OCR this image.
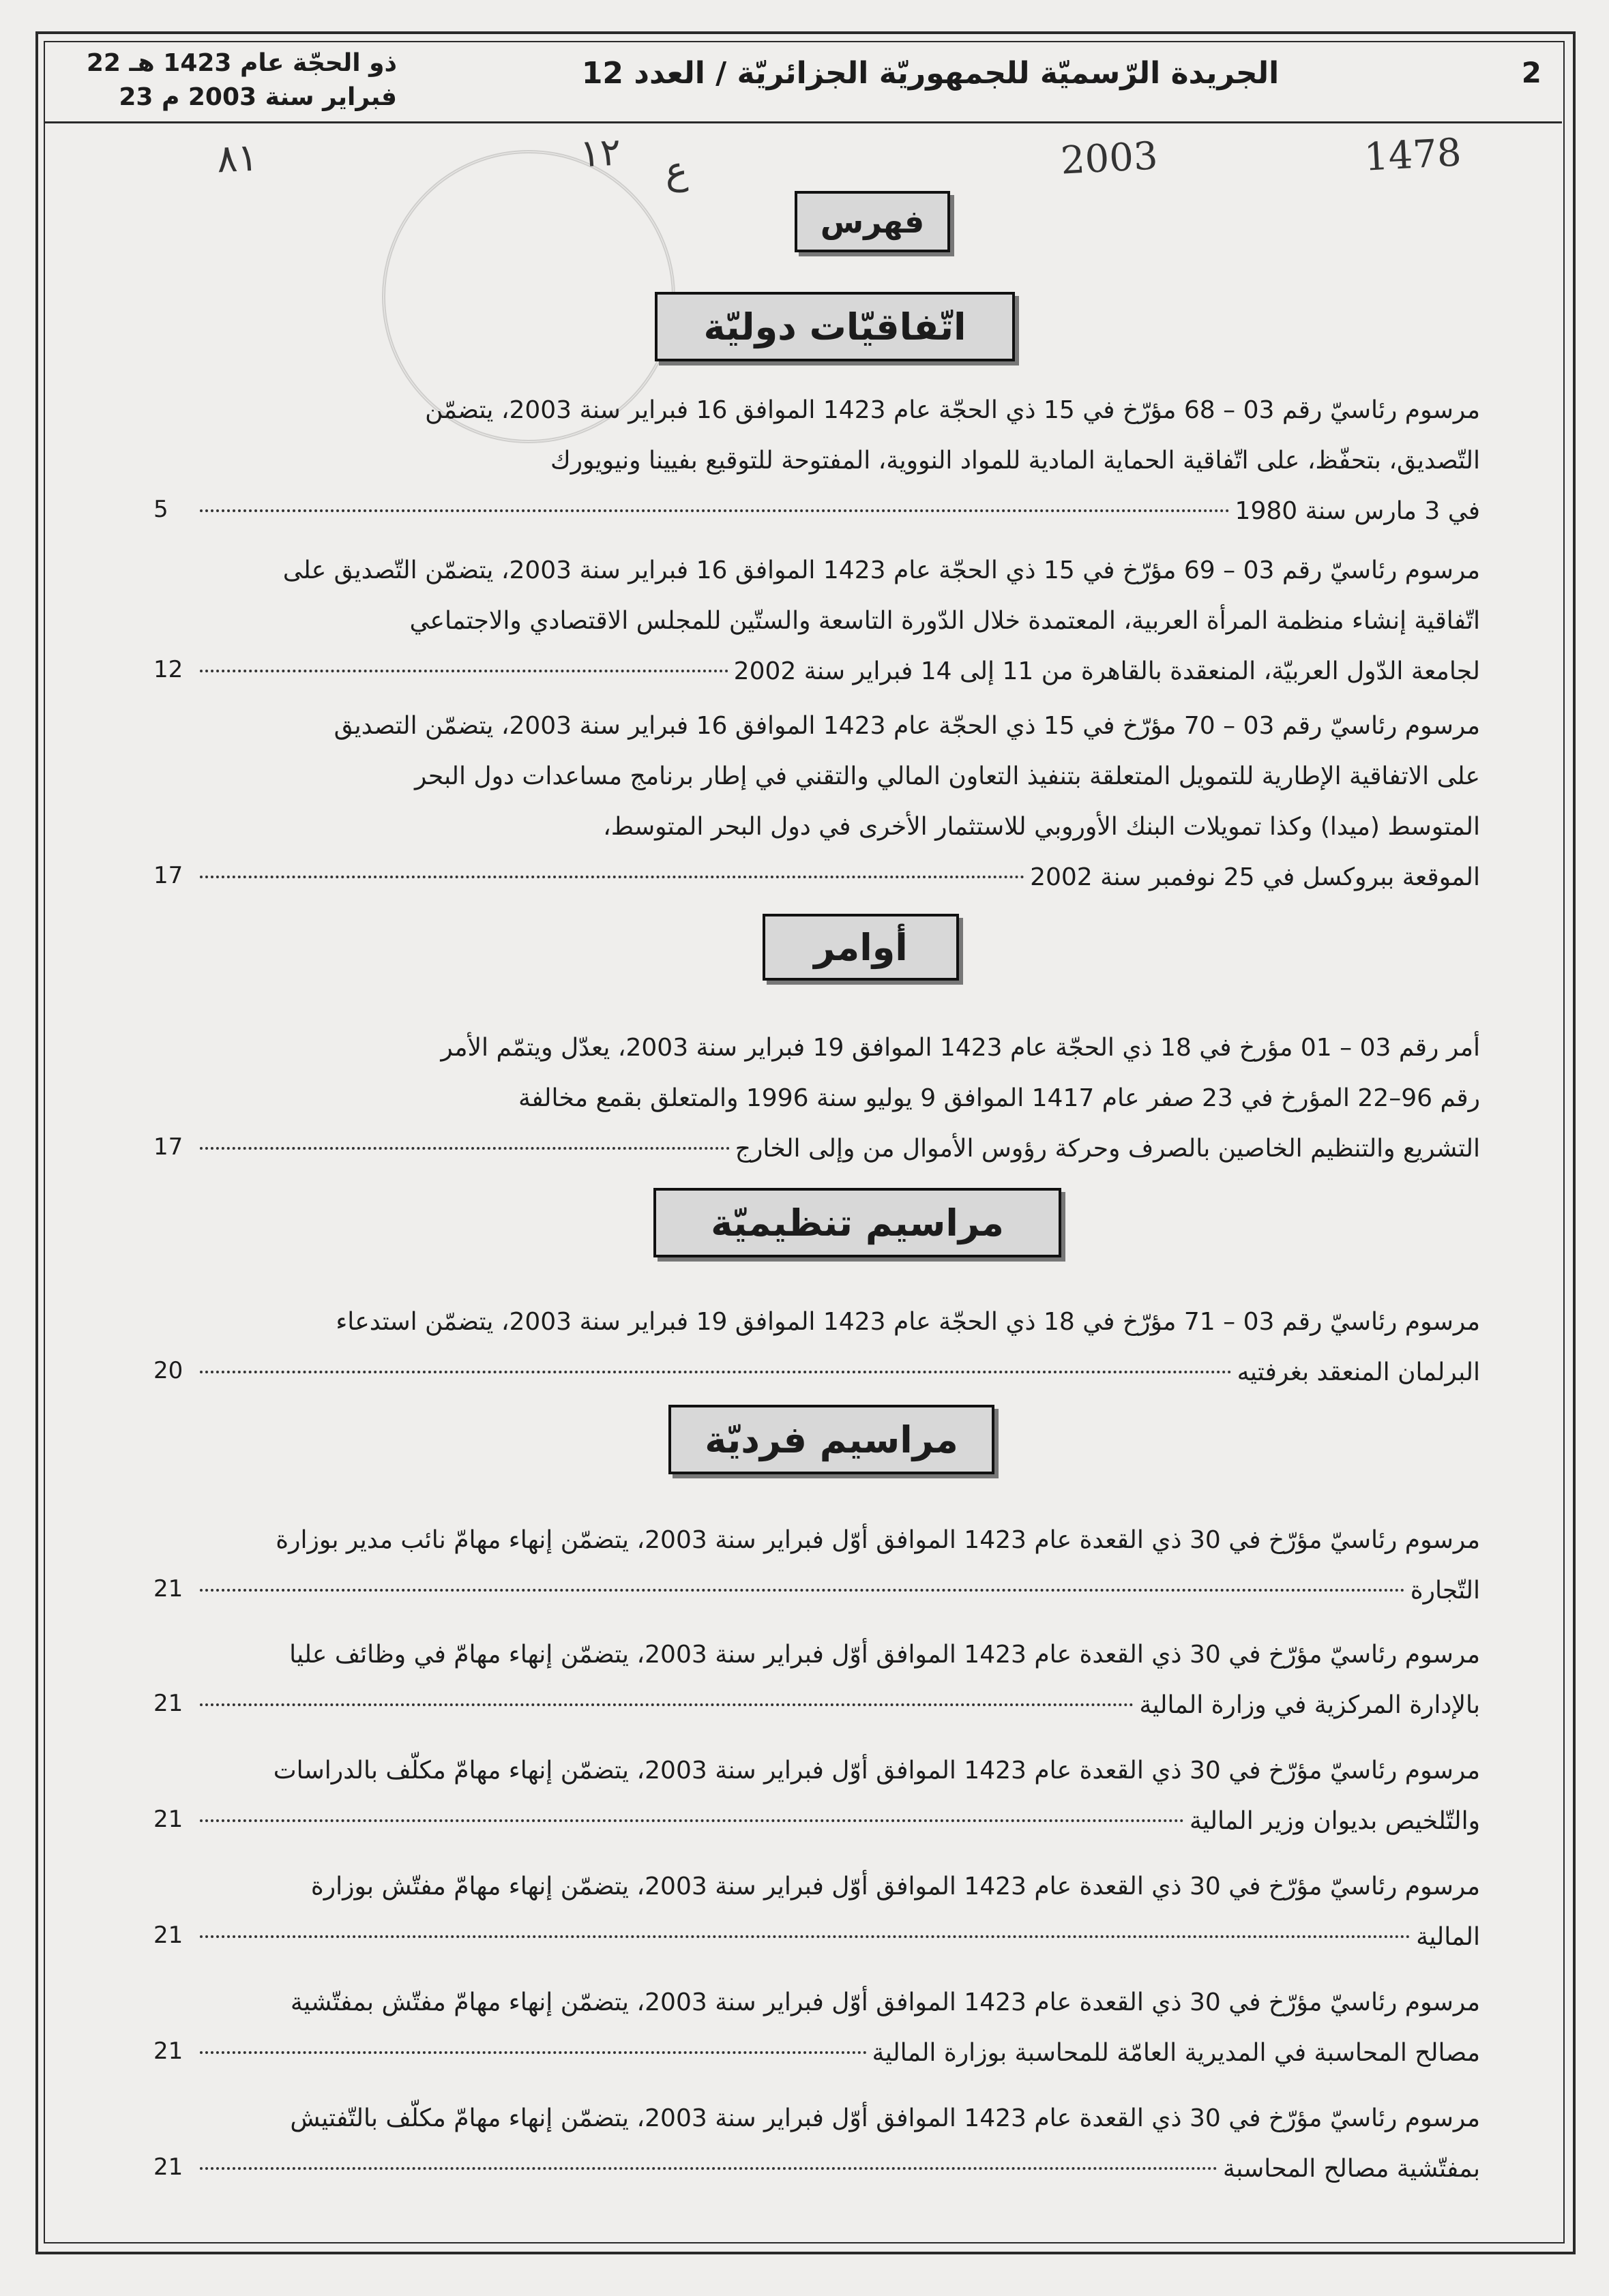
22 ذو الحجّة عام 1423 هـ
23 فبراير سنة 2003 م
الجريدة الرّسميّة للجمهوريّة الجزائريّة / العدد 12	2
٨١	١٢ ع	2003	1478
فهرس
اتّفاقيّات دوليّة

مرسوم رئاسيّ رقم 03 – 68 مؤرّخ في 15 ذي الحجّة عام 1423 الموافق 16 فبراير سنة 2003، يتضمّن

التّصديق، بتحفّظ، على اتّفاقية الحماية المادية للمواد النووية، المفتوحة للتوقيع بفيينا ونيويورك

في 3 مارس سنة 1980
5

مرسوم رئاسيّ رقم 03 – 69 مؤرّخ في 15 ذي الحجّة عام 1423 الموافق 16 فبراير سنة 2003، يتضمّن التّصديق على

اتّفاقية إنشاء منظمة المرأة العربية، المعتمدة خلال الدّورة التاسعة والستّين للمجلس الاقتصادي والاجتماعي

لجامعة الدّول العربيّة، المنعقدة بالقاهرة من 11 إلى 14 فبراير سنة 2002
12

مرسوم رئاسيّ رقم 03 – 70 مؤرّخ في 15 ذي الحجّة عام 1423 الموافق 16 فبراير سنة 2003، يتضمّن التصديق

على الاتفاقية الإطارية للتمويل المتعلقة بتنفيذ التعاون المالي والتقني في إطار برنامج مساعدات دول البحر

المتوسط (ميدا) وكذا تمويلات البنك الأوروبي للاستثمار الأخرى في دول البحر المتوسط،

الموقعة ببروكسل في 25 نوفمبر سنة 2002
17
أوامر

أمر رقم 03 – 01 مؤرخ في 18 ذي الحجّة عام 1423 الموافق 19 فبراير سنة 2003، يعدّل ويتمّم الأمر

رقم 96–22 المؤرخ في 23 صفر عام 1417 الموافق 9 يوليو سنة 1996 والمتعلق بقمع مخالفة

التشريع والتنظيم الخاصين بالصرف وحركة رؤوس الأموال من وإلى الخارج
17
مراسيم تنظيميّة

مرسوم رئاسيّ رقم 03 – 71 مؤرّخ في 18 ذي الحجّة عام 1423 الموافق 19 فبراير سنة 2003، يتضمّن استدعاء

البرلمان المنعقد بغرفتيه
20
مراسيم فرديّة

مرسوم رئاسيّ مؤرّخ في 30 ذي القعدة عام 1423 الموافق أوّل فبراير سنة 2003، يتضمّن إنهاء مهامّ نائب مدير بوزارة

التّجارة
21

مرسوم رئاسيّ مؤرّخ في 30 ذي القعدة عام 1423 الموافق أوّل فبراير سنة 2003، يتضمّن إنهاء مهامّ في وظائف عليا

بالإدارة المركزية في وزارة المالية
21

مرسوم رئاسيّ مؤرّخ في 30 ذي القعدة عام 1423 الموافق أوّل فبراير سنة 2003، يتضمّن إنهاء مهامّ مكلّف بالدراسات

والتّلخيص بديوان وزير المالية
21

مرسوم رئاسيّ مؤرّخ في 30 ذي القعدة عام 1423 الموافق أوّل فبراير سنة 2003، يتضمّن إنهاء مهامّ مفتّش بوزارة

المالية
21

مرسوم رئاسيّ مؤرّخ في 30 ذي القعدة عام 1423 الموافق أوّل فبراير سنة 2003، يتضمّن إنهاء مهامّ مفتّش بمفتّشية

مصالح المحاسبة في المديرية العامّة للمحاسبة بوزارة المالية
21

مرسوم رئاسيّ مؤرّخ في 30 ذي القعدة عام 1423 الموافق أوّل فبراير سنة 2003، يتضمّن إنهاء مهامّ مكلّف بالتّفتيش

بمفتّشية مصالح المحاسبة
21
